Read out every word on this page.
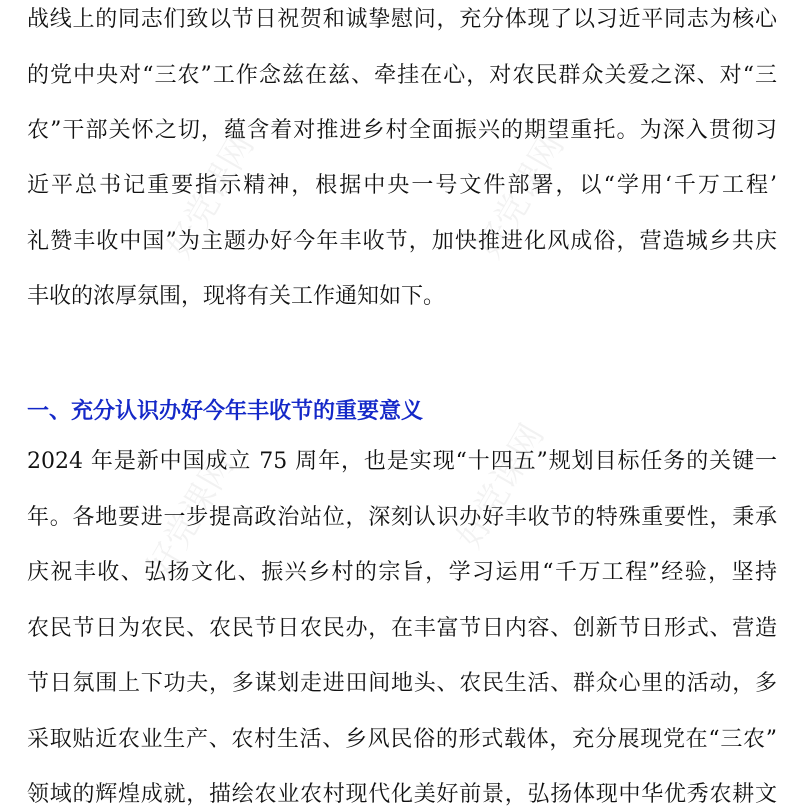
好党课网	好党课网
好党课网	好党课网
战线上的同志们致以节日祝贺和诚挚慰问，充分体现了以习近平同志为核心
的党中央对“三农”工作念兹在兹、牵挂在心，对农民群众关爱之深、对“三
农”干部关怀之切，蕴含着对推进乡村全面振兴的期望重托。为深入贯彻习
近平总书记重要指示精神，根据中央一号文件部署，以“学用‘千万工程’
礼赞丰收中国”为主题办好今年丰收节，加快推进化风成俗，营造城乡共庆
丰收的浓厚氛围，现将有关工作通知如下。
一、充分认识办好今年丰收节的重要意义
2024 年是新中国成立 75 周年，也是实现“十四五”规划目标任务的关键一
年。各地要进一步提高政治站位，深刻认识办好丰收节的特殊重要性，秉承
庆祝丰收、弘扬文化、振兴乡村的宗旨，学习运用“千万工程”经验，坚持
农民节日为农民、农民节日农民办，在丰富节日内容、创新节日形式、营造
节日氛围上下功夫，多谋划走进田间地头、农民生活、群众心里的活动，多
采取贴近农业生产、农村生活、乡风民俗的形式载体，充分展现党在“三农”
领域的辉煌成就，描绘农业农村现代化美好前景，弘扬体现中华优秀农耕文
